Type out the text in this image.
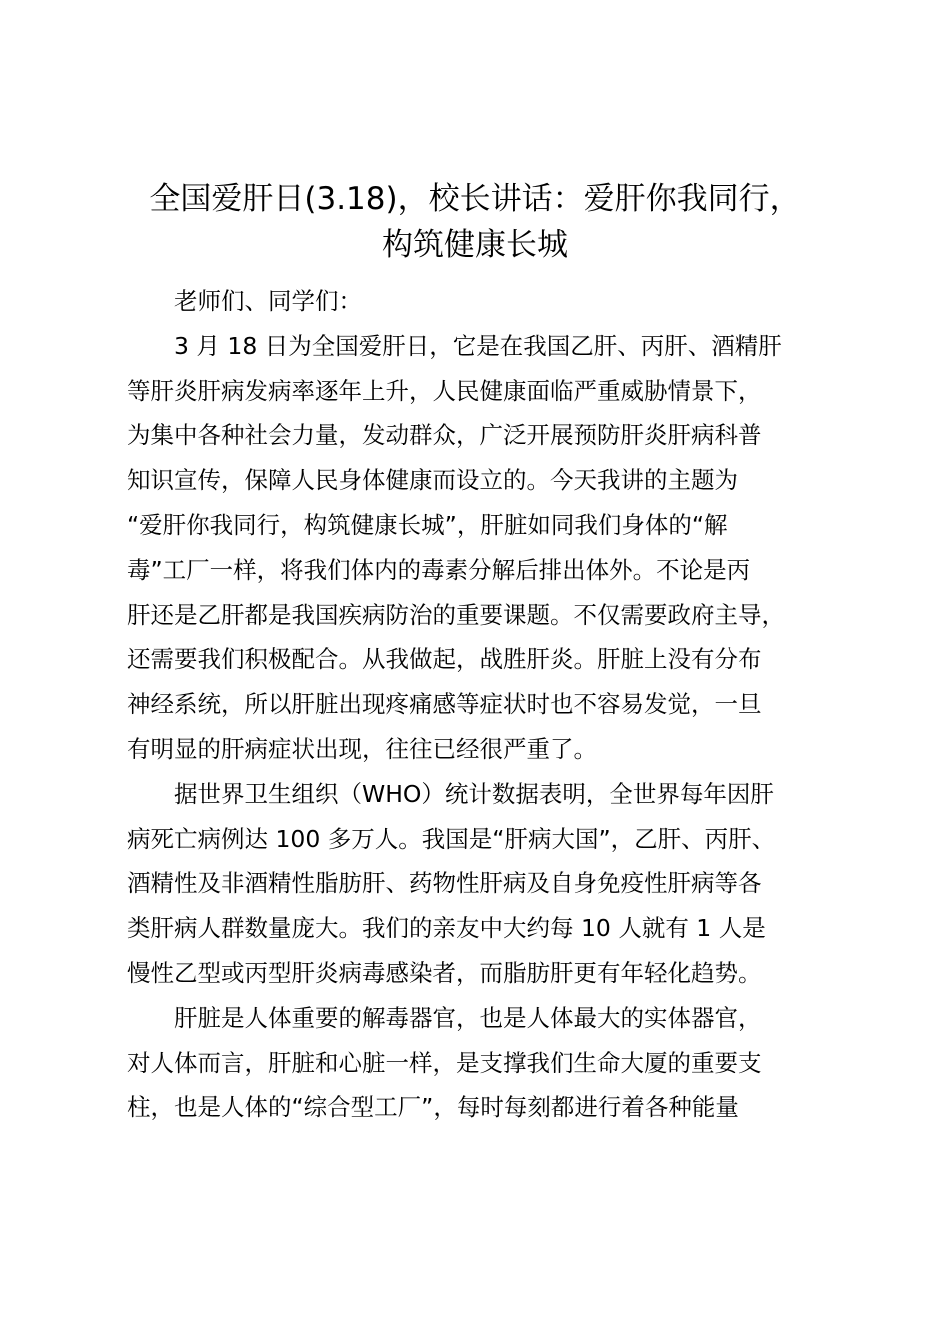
全国爱肝日(3.18)，校长讲话：爱肝你我同行，
构筑健康长城
老师们、同学们：
3 月 18 日为全国爱肝日，它是在我国乙肝、丙肝、酒精肝
等肝炎肝病发病率逐年上升，人民健康面临严重威胁情景下，
为集中各种社会力量，发动群众，广泛开展预防肝炎肝病科普
知识宣传，保障人民身体健康而设立的。今天我讲的主题为
“爱肝你我同行，构筑健康长城”，肝脏如同我们身体的“解
毒”工厂一样，将我们体内的毒素分解后排出体外。不论是丙
肝还是乙肝都是我国疾病防治的重要课题。不仅需要政府主导，
还需要我们积极配合。从我做起，战胜肝炎。肝脏上没有分布
神经系统，所以肝脏出现疼痛感等症状时也不容易发觉，一旦
有明显的肝病症状出现，往往已经很严重了。
据世界卫生组织（WHO）统计数据表明，全世界每年因肝
病死亡病例达 100 多万人。我国是“肝病大国”，乙肝、丙肝、
酒精性及非酒精性脂肪肝、药物性肝病及自身免疫性肝病等各
类肝病人群数量庞大。我们的亲友中大约每 10 人就有 1 人是
慢性乙型或丙型肝炎病毒感染者，而脂肪肝更有年轻化趋势。
肝脏是人体重要的解毒器官，也是人体最大的实体器官，
对人体而言，肝脏和心脏一样，是支撑我们生命大厦的重要支
柱，也是人体的“综合型工厂”，每时每刻都进行着各种能量
